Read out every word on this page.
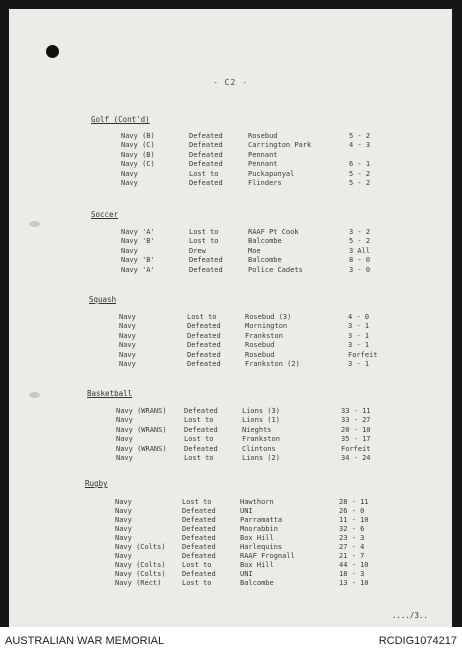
- C2 -
Golf (Cont'd)
Navy (B)	Defeated	Rosebud	5 - 2
Navy (C)	Defeated	Carrington Park	4 - 3
Navy (B)	Defeated	Pennant
Navy (C)	Defeated	Pennant	6 - 1
Navy	Lost to	Puckapunyal	5 - 2
Navy	Defeated	Flinders	5 - 2
Soccer
Navy 'A'	Lost to	RAAF Pt Cook	3 - 2
Navy 'B'	Lost to	Balcombe	5 - 2
Navy	Drew	Moe	3 All
Navy 'B'	Defeated	Balcombe	8 - 0
Navy 'A'	Defeated	Police Cadets	3 - 0
Squash
Navy	Lost to	Rosebud (3)	4 - 0
Navy	Defeated	Mornington	3 - 1
Navy	Defeated	Frankston	3 - 1
Navy	Defeated	Rosebud	3 - 1
Navy	Defeated	Rosebud	Forfeit
Navy	Defeated	Frankston (2)	3 - 1
Basketball
Navy (WRANS) Defeated	Lions (3)	33 - 11
Navy	Lost to	Lions (1)	33 - 27
Navy (WRANS) Defeated	Nieghts	20 - 10
Navy	Lost to	Frankston	35 - 17
Navy (WRANS) Defeated	Clintons	Forfeit
Navy	Lost to	Lions (2)	34 - 24
Rugby
Navy	Lost to	Hawthorn	28 - 11
Navy	Defeated	UNI	26 - 0
Navy	Defeated	Parramatta	11 - 10
Navy	Defeated	Moorabbin	32 - 6
Navy	Defeated	Box Hill	23 - 3
Navy (Colts) Defeated	Harlequins	27 - 4
Navy	Defeated	RAAF Frognall	21 - 7
Navy (Colts) Lost to	Box Hill	44 - 10
Navy (Colts) Defeated	UNI	18 - 3
Navy (Rect)	Lost to	Balcombe	13 - 10
..../3..
AUSTRALIAN WAR MEMORIAL	RCDIG1074217
